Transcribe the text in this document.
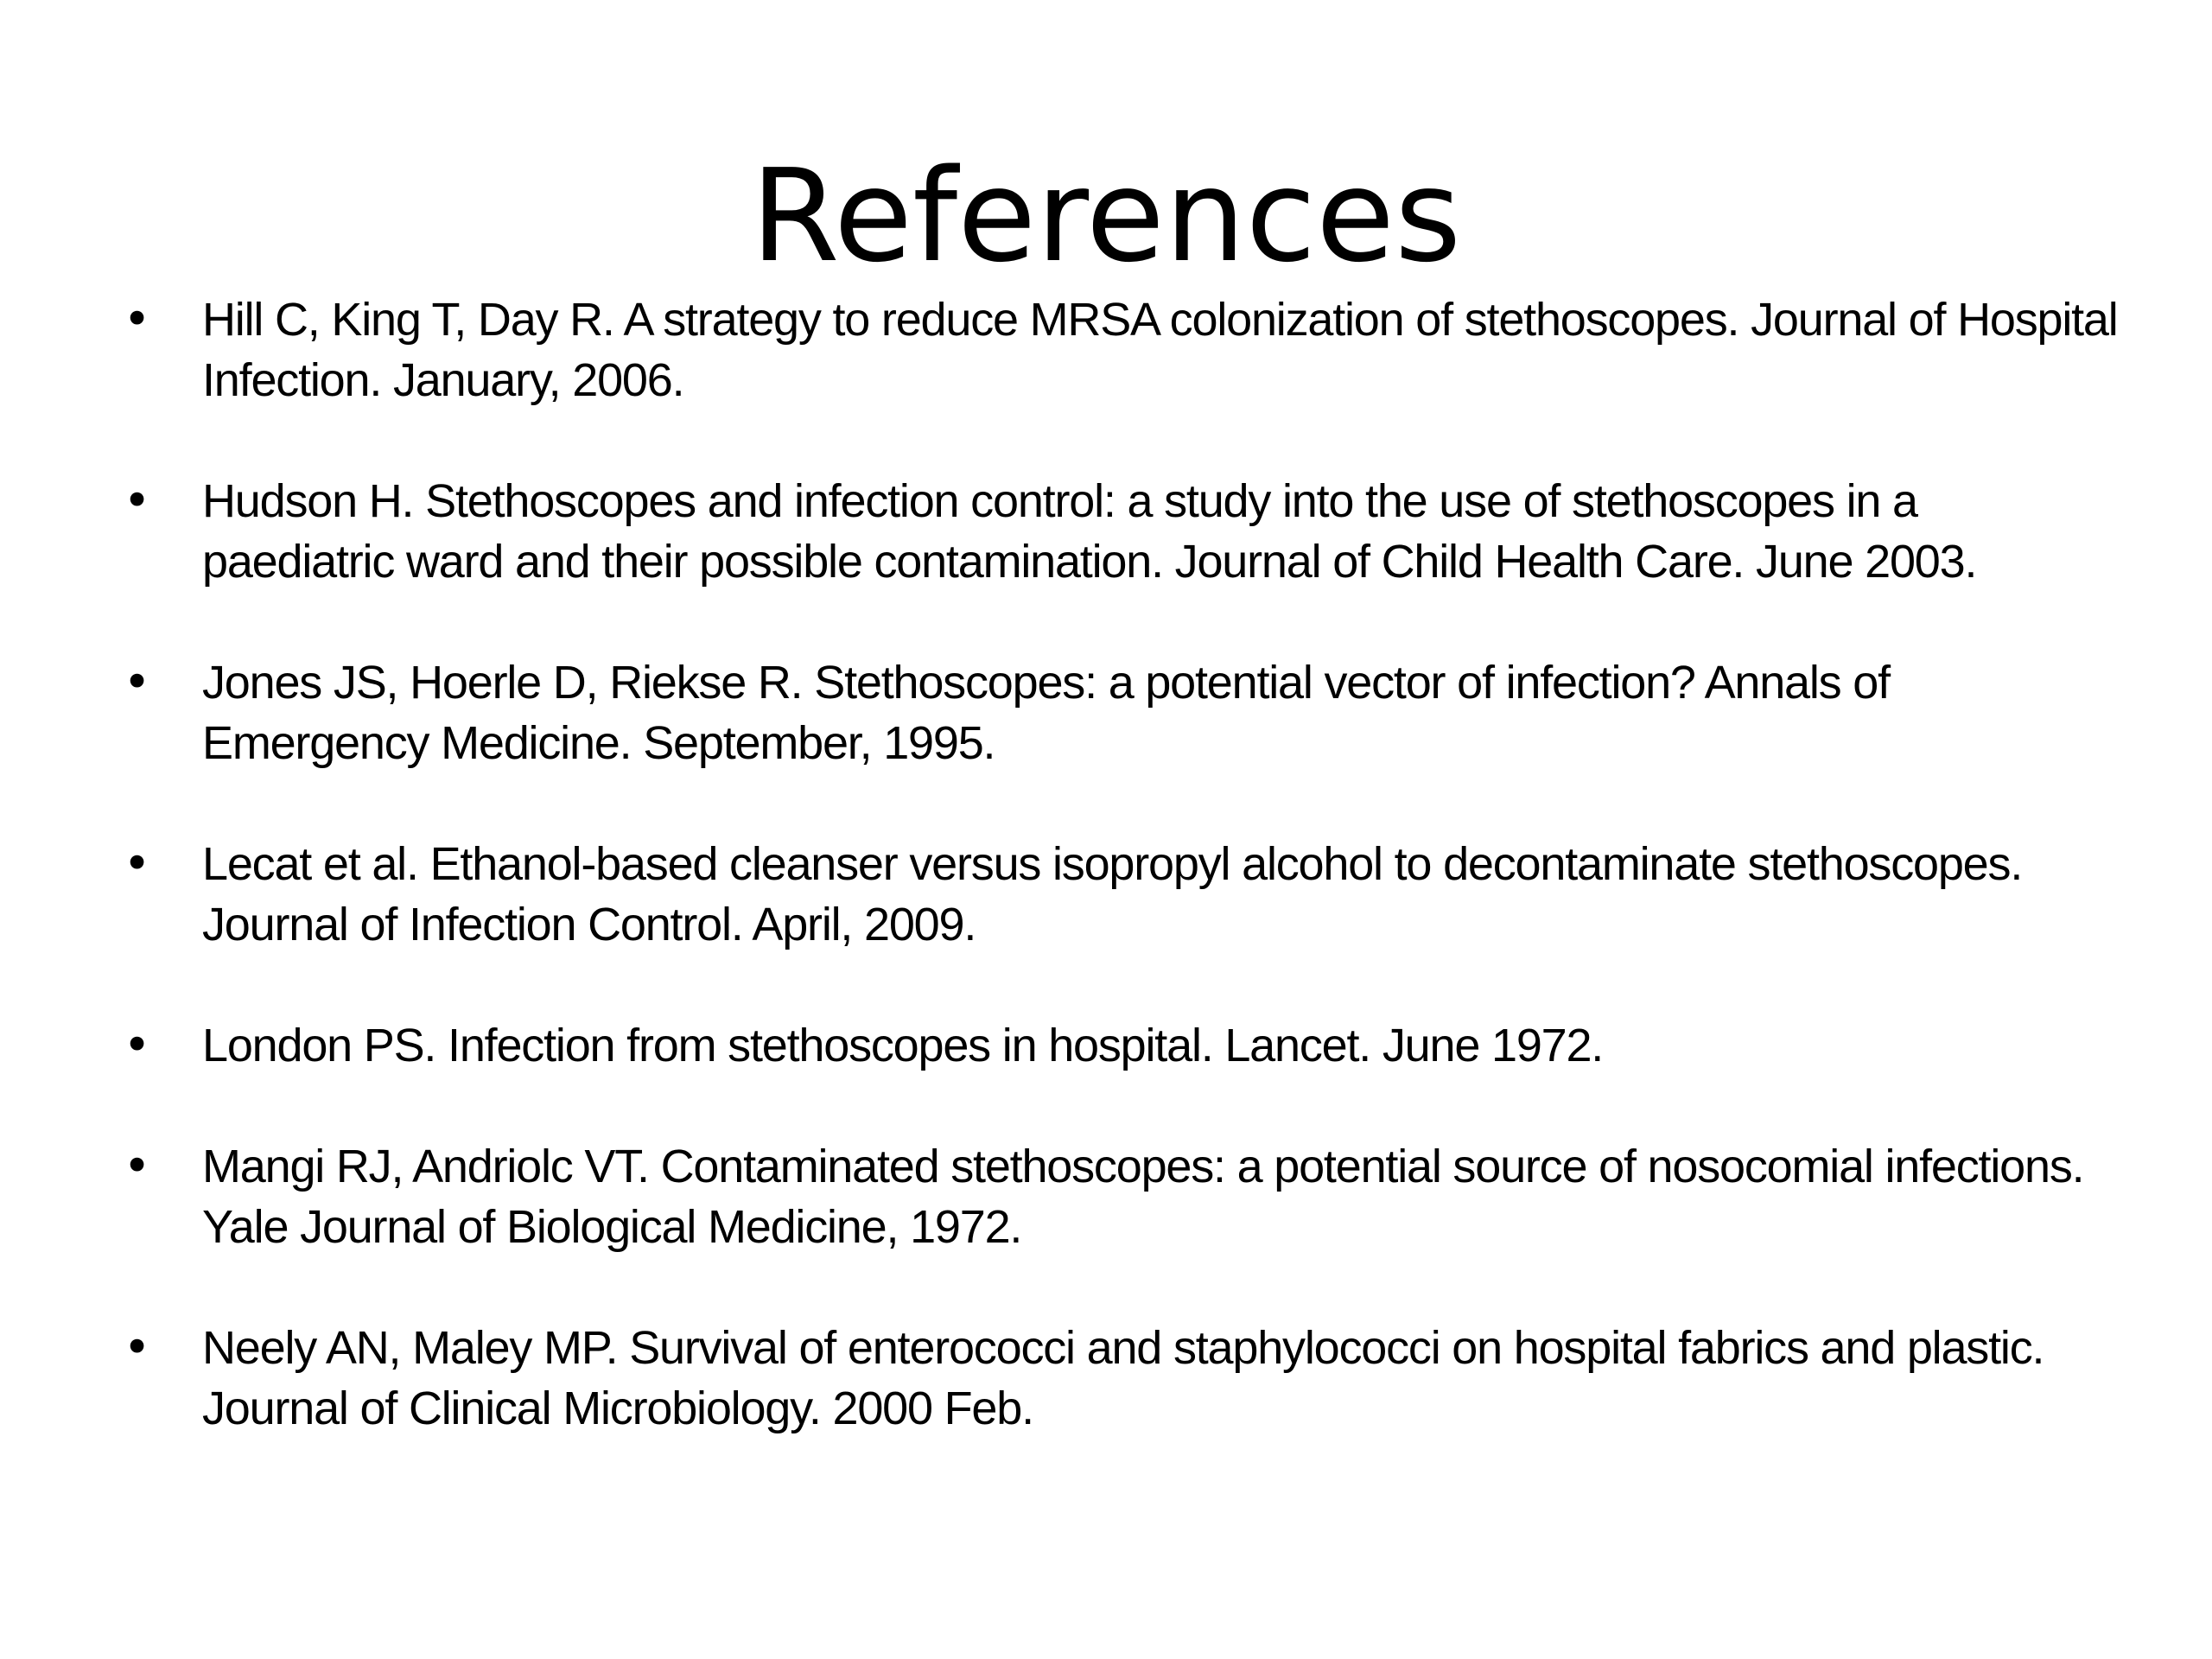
References
• Hill C, King T, Day R. A strategy to reduce MRSA colonization of stethoscopes. Journal of Hospital Infection. January, 2006.
• Hudson H. Stethoscopes and infection control: a study into the use of stethoscopes in a paediatric ward and their possible contamination. Journal of Child Health Care. June 2003.
• Jones JS, Hoerle D, Riekse R. Stethoscopes: a potential vector of infection? Annals of Emergency Medicine. September, 1995.
• Lecat et al. Ethanol-based cleanser versus isopropyl alcohol to decontaminate stethoscopes. Journal of Infection Control. April, 2009.
• London PS. Infection from stethoscopes in hospital. Lancet. June 1972.
• Mangi RJ, Andriolc VT. Contaminated stethoscopes: a potential source of nosocomial infections. Yale Journal of Biological Medicine, 1972.
• Neely AN, Maley MP. Survival of enterococci and staphylococci on hospital fabrics and plastic. Journal of Clinical Microbiology. 2000 Feb.
